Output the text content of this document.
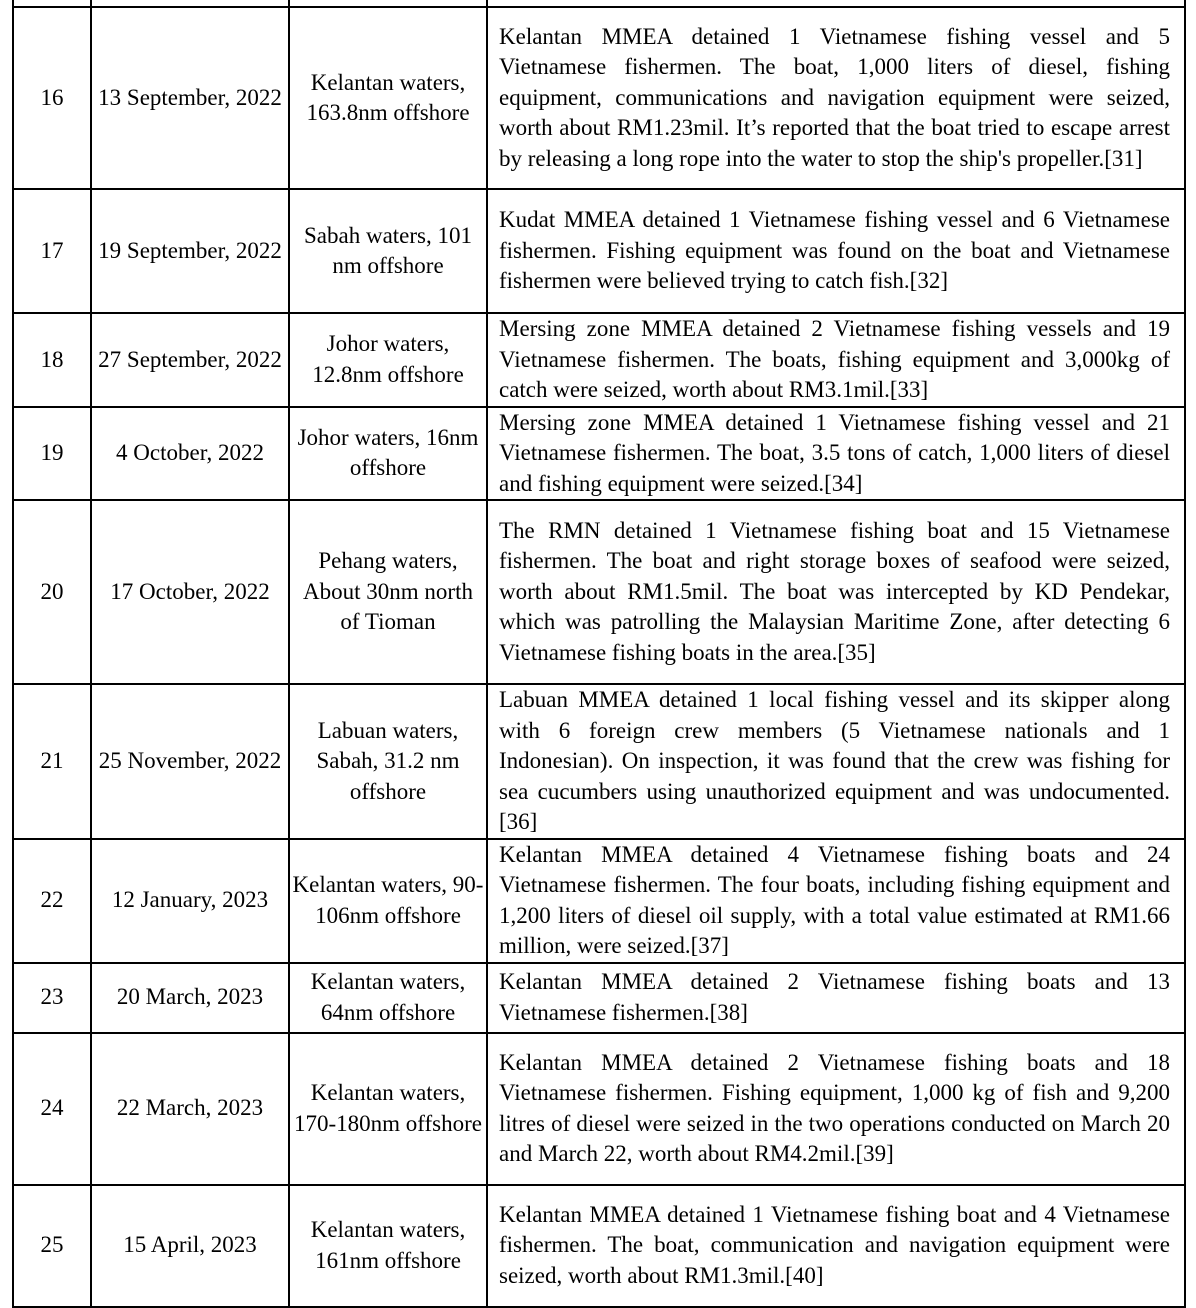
16	13 September, 2022	Kelantan waters, 163.8nm offshore	Kelantan MMEA detained 1 Vietnamese fishing vessel and 5 Vietnamese fishermen. The boat, 1,000 liters of diesel, fishing equipment, communications and navigation equipment were seized, worth about RM1.23mil. It’s reported that the boat tried to escape arrest by releasing a long rope into the water to stop the ship's propeller.[31]
17	19 September, 2022	Sabah waters, 101 nm offshore	Kudat MMEA detained 1 Vietnamese fishing vessel and 6 Vietnamese fishermen. Fishing equipment was found on the boat and Vietnamese fishermen were believed trying to catch fish.[32]
18	27 September, 2022	Johor waters, 12.8nm offshore	Mersing zone MMEA detained 2 Vietnamese fishing vessels and 19 Vietnamese fishermen. The boats, fishing equipment and 3,000kg of catch were seized, worth about RM3.1mil.[33]
19	4 October, 2022	Johor waters, 16nm offshore	Mersing zone MMEA detained 1 Vietnamese fishing vessel and 21 Vietnamese fishermen. The boat, 3.5 tons of catch, 1,000 liters of diesel and fishing equipment were seized.[34]
20	17 October, 2022	Pehang waters, About 30nm north of Tioman	The RMN detained 1 Vietnamese fishing boat and 15 Vietnamese fishermen. The boat and right storage boxes of seafood were seized, worth about RM1.5mil. The boat was intercepted by KD Pendekar, which was patrolling the Malaysian Maritime Zone, after detecting 6 Vietnamese fishing boats in the area.[35]
21	25 November, 2022	Labuan waters, Sabah, 31.2 nm offshore	Labuan MMEA detained 1 local fishing vessel and its skipper along with 6 foreign crew members (5 Vietnamese nationals and 1 Indonesian). On inspection, it was found that the crew was fishing for sea cucumbers using unauthorized equipment and was undocumented. [36]
22	12 January, 2023	Kelantan waters, 90-106nm offshore	Kelantan MMEA detained 4 Vietnamese fishing boats and 24 Vietnamese fishermen. The four boats, including fishing equipment and 1,200 liters of diesel oil supply, with a total value estimated at RM1.66 million, were seized.[37]
23	20 March, 2023	Kelantan waters, 64nm offshore	Kelantan MMEA detained 2 Vietnamese fishing boats and 13 Vietnamese fishermen.[38]
24	22 March, 2023	Kelantan waters, 170-180nm offshore	Kelantan MMEA detained 2 Vietnamese fishing boats and 18 Vietnamese fishermen. Fishing equipment, 1,000 kg of fish and 9,200 litres of diesel were seized in the two operations conducted on March 20 and March 22, worth about RM4.2mil.[39]
25	15 April, 2023	Kelantan waters, 161nm offshore	Kelantan MMEA detained 1 Vietnamese fishing boat and 4 Vietnamese fishermen. The boat, communication and navigation equipment were seized, worth about RM1.3mil.[40]
